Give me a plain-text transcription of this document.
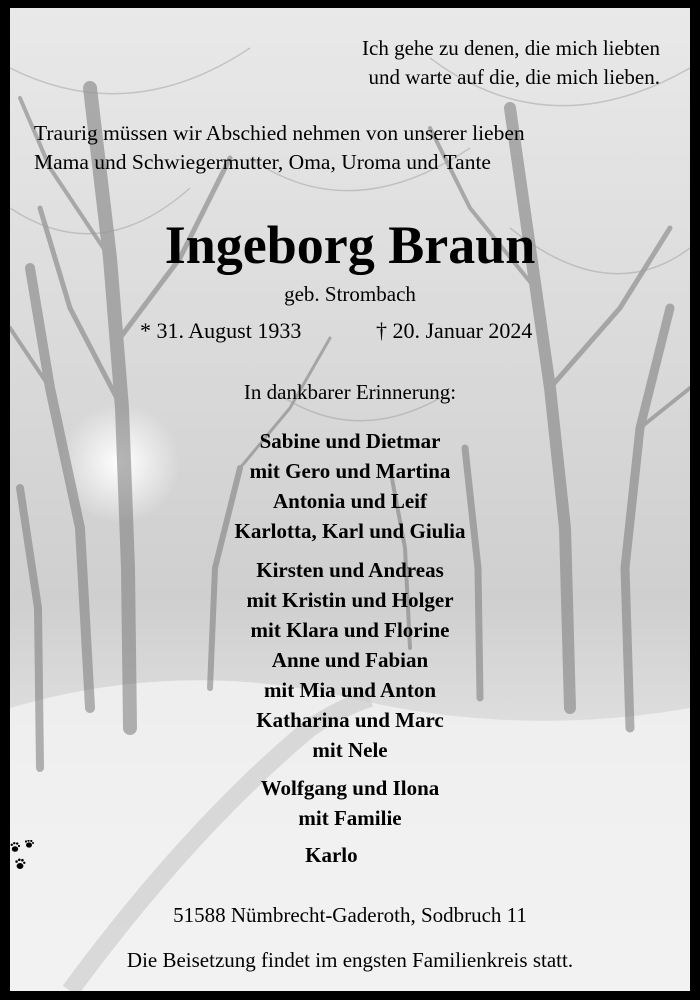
Ich gehe zu denen, die mich liebten
und warte auf die, die mich lieben.
Traurig müssen wir Abschied nehmen von unserer lieben
Mama und Schwiegermutter, Oma, Uroma und Tante
Ingeborg Braun
geb. Strombach
* 31. August 1933	† 20. Januar 2024
In dankbarer Erinnerung:
Sabine und Dietmar
mit Gero und Martina
Antonia und Leif
Karlotta, Karl und Giulia
Kirsten und Andreas
mit Kristin und Holger
mit Klara und Florine
Anne und Fabian
mit Mia und Anton
Katharina und Marc
mit Nele
Wolfgang und Ilona
mit Familie
Karlo
51588 Nümbrecht-Gaderoth, Sodbruch 11
Die Beisetzung findet im engsten Familienkreis statt.
